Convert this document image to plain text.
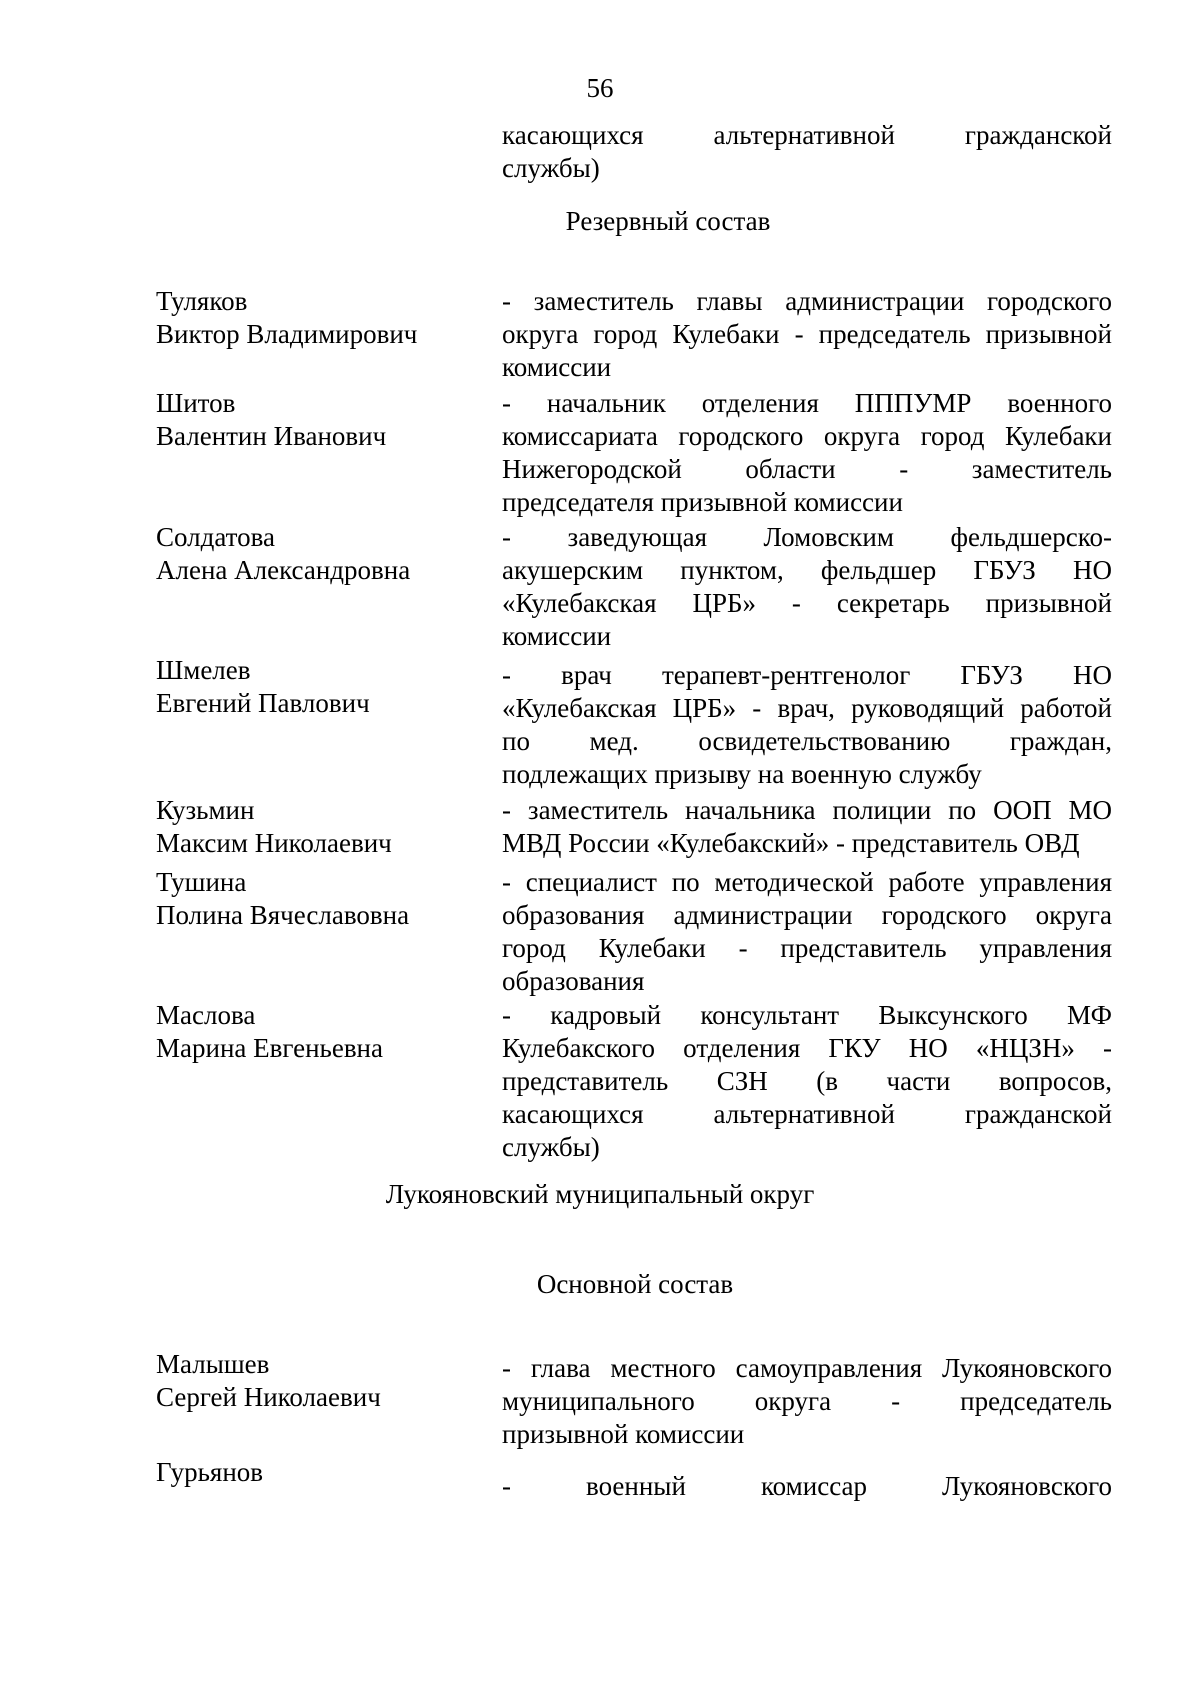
56
касающихся альтернативной гражданской
службы)
Резервный состав
Туляков
Виктор Владимирович
- заместитель главы администрации городского
округа город Кулебаки - председатель призывной
комиссии
Шитов
Валентин Иванович
- начальник отделения ПППУМР военного
комиссариата городского округа город Кулебаки
Нижегородской области - заместитель
председателя призывной комиссии
Солдатова
Алена Александровна
- заведующая Ломовским фельдшерско-
акушерским пунктом, фельдшер ГБУЗ НО
«Кулебакская ЦРБ» - секретарь призывной
комиссии
Шмелев
Евгений Павлович
- врач терапевт-рентгенолог ГБУЗ НО
«Кулебакская ЦРБ» - врач, руководящий работой
по мед. освидетельствованию граждан,
подлежащих призыву на военную службу
Кузьмин
Максим Николаевич
- заместитель начальника полиции по ООП МО
МВД России «Кулебакский» - представитель ОВД
Тушина
Полина Вячеславовна
- специалист по методической работе управления
образования администрации городского округа
город Кулебаки - представитель управления
образования
Маслова
Марина Евгеньевна
- кадровый консультант Выксунского МФ
Кулебакского отделения ГКУ НО «НЦЗН» -
представитель СЗН (в части вопросов,
касающихся альтернативной гражданской
службы)
Лукояновский муниципальный округ
Основной состав
Малышев
Сергей Николаевич
- глава местного самоуправления Лукояновского
муниципального округа - председатель
призывной комиссии
Гурьянов	- военный комиссар Лукояновского
